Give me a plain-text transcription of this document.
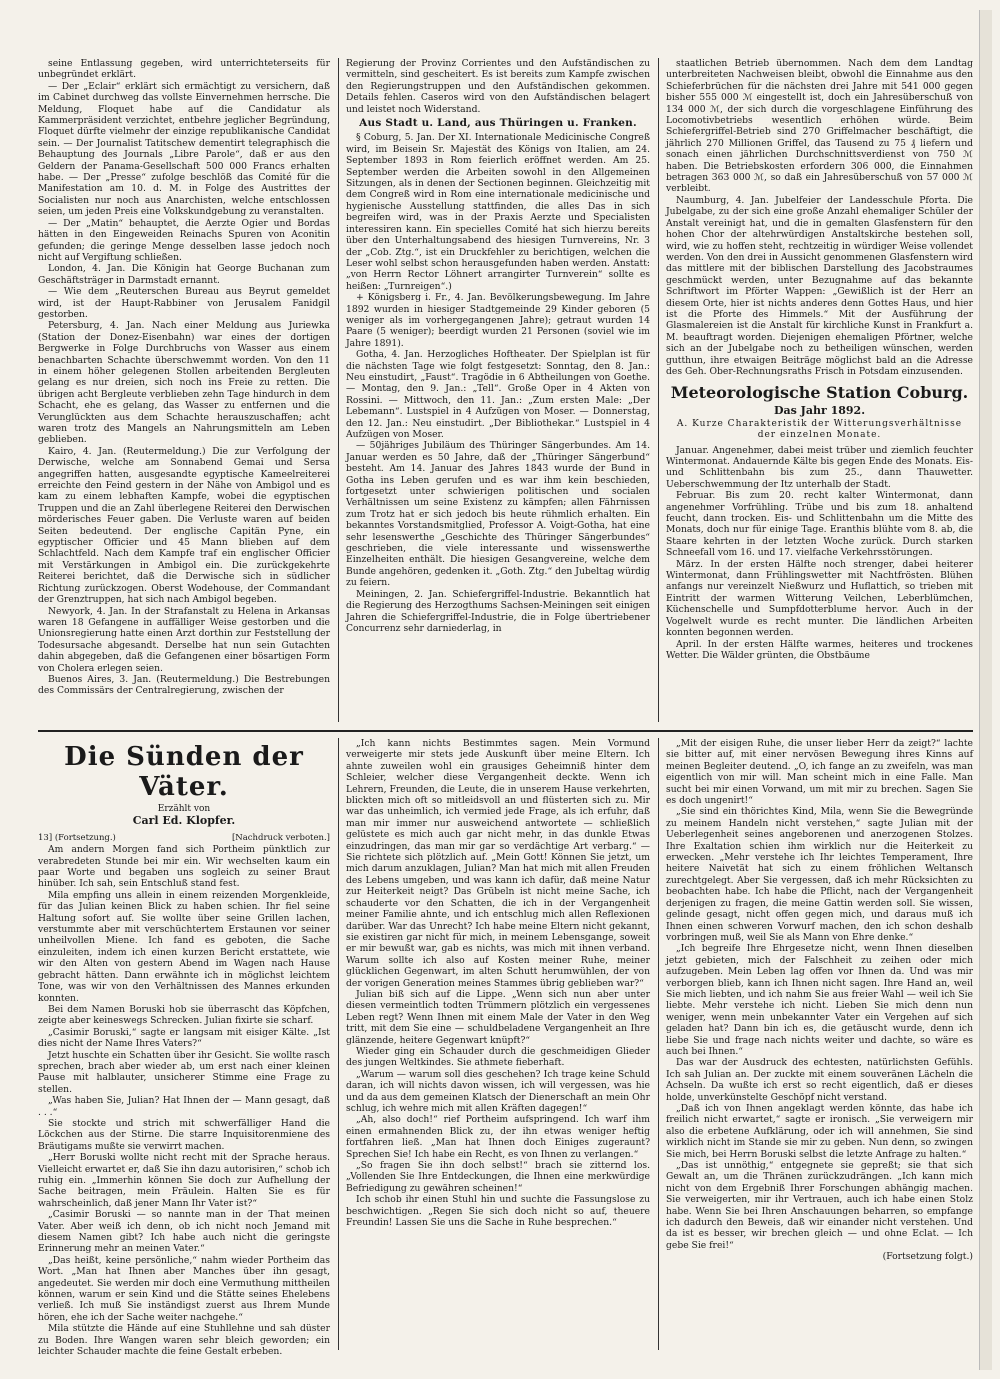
seine Entlassung gegeben, wird unterrichteterseits für unbegründet erklärt.

— Der „Eclair“ erklärt sich ermächtigt zu versichern, daß im Cabinet durchweg das vollste Einvernehmen herrsche. Die Meldung, Floquet habe auf die Candidatur als Kammerpräsident verzichtet, entbehre jeglicher Begründung, Floquet dürfte vielmehr der einzige republikanische Candidat sein. — Der Journalist Tatitschew dementirt telegraphisch die Behauptung des Journals „Libre Parole“, daß er aus den Geldern der Panama-Gesellschaft 500 000 Francs erhalten habe. — Der „Presse“ zufolge beschlöß das Comité für die Manifestation am 10. d. M. in Folge des Austrittes der Socialisten nur noch aus Anarchisten, welche entschlossen seien, um jeden Preis eine Volkskundgebung zu veranstalten.

— Der „Matin“ behauptet, die Aerzte Ogier und Bordas hätten in den Eingeweiden Reinachs Spuren von Aconitin gefunden; die geringe Menge desselben lasse jedoch noch nicht auf Vergiftung schließen.

London, 4. Jan. Die Königin hat George Buchanan zum Geschäftsträger in Darmstadt ernannt.

— Wie dem „Reuterschen Bureau aus Beyrut gemeldet wird, ist der Haupt-Rabbiner von Jerusalem Fanidgil gestorben.

Petersburg, 4. Jan. Nach einer Meldung aus Juriewka (Station der Donez-Eisenbahn) war eines der dortigen Bergwerke in Folge Durchbruchs von Wasser aus einem benachbarten Schachte überschwemmt worden. Von den 11 in einem höher gelegenen Stollen arbeitenden Bergleuten gelang es nur dreien, sich noch ins Freie zu retten. Die übrigen acht Bergleute verblieben zehn Tage hindurch in dem Schacht, ehe es gelang, das Wasser zu entfernen und die Verunglückten aus dem Schachte herauszuschaffen; acht waren trotz des Mangels an Nahrungsmitteln am Leben geblieben.

Kairo, 4. Jan. (Reutermeldung.) Die zur Verfolgung der Derwische, welche am Sonnabend Gemai und Sersa angegriffen hatten, ausgesandte egyptische Kameelreiterei erreichte den Feind gestern in der Nähe von Ambigol und es kam zu einem lebhaften Kampfe, wobei die egyptischen Truppen und die an Zahl überlegene Reiterei den Derwischen mörderisches Feuer gaben. Die Verluste waren auf beiden Seiten bedeutend. Der englische Capitän Pyne, ein egyptischer Officier und 45 Mann blieben auf dem Schlachtfeld. Nach dem Kampfe traf ein englischer Officier mit Verstärkungen in Ambigol ein. Die zurückgekehrte Reiterei berichtet, daß die Derwische sich in südlicher Richtung zurückzogen. Oberst Wodehouse, der Commandant der Grenztruppen, hat sich nach Ambigol begeben.

Newyork, 4. Jan. In der Strafanstalt zu Helena in Arkansas waren 18 Gefangene in auffälliger Weise gestorben und die Unionsregierung hatte einen Arzt dorthin zur Feststellung der Todesursache abgesandt. Derselbe hat nun sein Gutachten dahin abgegeben, daß die Gefangenen einer bösartigen Form von Cholera erlegen seien.

Buenos Aires, 3. Jan. (Reutermeldung.) Die Bestrebungen des Commissärs der Centralregierung, zwischen der

Regierung der Provinz Corrientes und den Aufständischen zu vermitteln, sind gescheitert. Es ist bereits zum Kampfe zwischen den Regierungstruppen und den Aufständischen gekommen. Details fehlen. Caseros wird von den Aufständischen belagert und leistet noch Widerstand.

Aus Stadt u. Land, aus Thüringen u. Franken.

§ Coburg, 5. Jan. Der XI. Internationale Medicinische Congreß wird, im Beisein Sr. Majestät des Königs von Italien, am 24. September 1893 in Rom feierlich eröffnet werden. Am 25. September werden die Arbeiten sowohl in den Allgemeinen Sitzungen, als in denen der Sectionen beginnen. Gleichzeitig mit dem Congreß wird in Rom eine internationale medicinische und hygienische Ausstellung stattfinden, die alles Das in sich begreifen wird, was in der Praxis Aerzte und Specialisten interessiren kann. Ein specielles Comité hat sich hierzu bereits über den Unterhaltungsabend des hiesigen Turnvereins, Nr. 3 der „Cob. Ztg.“, ist ein Druckfehler zu berichtigen, welchen die Leser wohl selbst schon herausgefunden haben werden. Anstatt: „von Herrn Rector Löhnert arrangirter Turnverein“ sollte es heißen: „Turnreigen“.)

+ Königsberg i. Fr., 4. Jan. Bevölkerungsbewegung. Im Jahre 1892 wurden in hiesiger Stadtgemeinde 29 Kinder geboren (5 weniger als im vorhergegangenen Jahre); getraut wurden 14 Paare (5 weniger); beerdigt wurden 21 Personen (soviel wie im Jahre 1891).

Gotha, 4. Jan. Herzogliches Hoftheater. Der Spielplan ist für die nächsten Tage wie folgt festgesetzt: Sonntag, den 8. Jan.: Neu einstudirt, „Faust“. Tragödie in 6 Abtheilungen von Goethe. — Montag, den 9. Jan.: „Tell“. Große Oper in 4 Akten von Rossini. — Mittwoch, den 11. Jan.: „Zum ersten Male: „Der Lebemann“. Lustspiel in 4 Aufzügen von Moser. — Donnerstag, den 12. Jan.: Neu einstudirt. „Der Bibliothekar.“ Lustspiel in 4 Aufzügen von Moser.

— 50jähriges Jubiläum des Thüringer Sängerbundes. Am 14. Januar werden es 50 Jahre, daß der „Thüringer Sängerbund“ besteht. Am 14. Januar des Jahres 1843 wurde der Bund in Gotha ins Leben gerufen und es war ihm kein beschieden, fortgesetzt unter schwierigen politischen und socialen Verhältnissen um seine Existenz zu kämpfen; allen Fährnissen zum Trotz hat er sich jedoch bis heute rühmlich erhalten. Ein bekanntes Vorstandsmitglied, Professor A. Voigt-Gotha, hat eine sehr lesenswerthe „Geschichte des Thüringer Sängerbundes“ geschrieben, die viele interessante und wissenswerthe Einzelheiten enthält. Die hiesigen Gesangvereine, welche dem Bunde angehören, gedenken it. „Goth. Ztg.“ den Jubeltag würdig zu feiern.

Meiningen, 2. Jan. Schiefergriffel-Industrie. Bekanntlich hat die Regierung des Herzogthums Sachsen-Meiningen seit einigen Jahren die Schiefergriffel-Industrie, die in Folge übertriebener Concurrenz sehr darniederlag, in

staatlichen Betrieb übernommen. Nach dem dem Landtag unterbreiteten Nachweisen bleibt, obwohl die Einnahme aus den Schieferbrüchen für die nächsten drei Jahre mit 541 000 gegen bisher 555 000 ℳ eingestellt ist, doch ein Jahresüberschuß von 134 000 ℳ, der sich durch die vorgeschlagene Einführung des Locomotivbetriebs wesentlich erhöhen würde. Beim Schiefergriffel-Betrieb sind 270 Griffelmacher beschäftigt, die jährlich 270 Millionen Griffel, das Tausend zu 75 ₰ liefern und sonach einen jährlichen Durchschnittsverdienst von 750 ℳ haben. Die Betriebskosten erfordern 306 000, die Einnahmen betragen 363 000 ℳ, so daß ein Jahresüberschuß von 57 000 ℳ verbleibt.

Naumburg, 4. Jan. Jubelfeier der Landesschule Pforta. Die Jubelgabe, zu der sich eine große Anzahl ehemaliger Schüler der Anstalt vereinigt hat, und die in gemalten Glasfenstern für den hohen Chor der altehrwürdigen Anstaltskirche bestehen soll, wird, wie zu hoffen steht, rechtzeitig in würdiger Weise vollendet werden. Von den drei in Aussicht genommenen Glasfenstern wird das mittlere mit der biblischen Darstellung des Jacobstraumes geschmückt werden, unter Bezugnahme auf das bekannte Schriftwort im Pförter Wappen: „Gewißlich ist der Herr an diesem Orte, hier ist nichts anderes denn Gottes Haus, und hier ist die Pforte des Himmels.“ Mit der Ausführung der Glasmalereien ist die Anstalt für kirchliche Kunst in Frankfurt a. M. beauftragt worden. Diejenigen ehemaligen Pförtner, welche sich an der Jubelgabe noch zu betheiligen wünschen, werden gutthun, ihre etwaigen Beiträge möglichst bald an die Adresse des Geh. Ober-Rechnungsraths Frisch in Potsdam einzusenden.

Meteorologische Station Coburg.
Das Jahr 1892.
A. Kurze Charakteristik der Witterungsverhältnisse der einzelnen Monate.

Januar. Angenehmer, dabei meist trüber und ziemlich feuchter Wintermonat. Andauernde Kälte bis gegen Ende des Monats. Eis- und Schlittenbahn bis zum 25., dann Thauwetter. Ueberschwemmung der Itz unterhalb der Stadt.

Februar. Bis zum 20. recht kalter Wintermonat, dann angenehmer Vorfrühling. Trübe und bis zum 18. anhaltend feucht, dann trocken. Eis- und Schlittenbahn um die Mitte des Monats, doch nur für einige Tage. Eranthis blühte vom 8. ab, die Staare kehrten in der letzten Woche zurück. Durch starken Schneefall vom 16. und 17. vielfache Verkehrsstörungen.

März. In der ersten Hälfte noch strenger, dabei heiterer Wintermonat, dann Frühlingswetter mit Nachtfrösten. Blühen anfangs nur vereinzelt Nießwurz und Huflattich, so trieben mit Eintritt der warmen Witterung Veilchen, Leberblümchen, Küchenschelle und Sumpfdotterblume hervor. Auch in der Vogelwelt wurde es recht munter. Die ländlichen Arbeiten konnten begonnen werden.

April. In der ersten Hälfte warmes, heiteres und trockenes Wetter. Die Wälder grünten, die Obstbäume

Die Sünden der Väter.
Erzählt von
Carl Ed. Klopfer.
13] (Fortsetzung.)	[Nachdruck verboten.]

Am andern Morgen fand sich Portheim pünktlich zur verabredeten Stunde bei mir ein. Wir wechselten kaum ein paar Worte und begaben uns sogleich zu seiner Braut hinüber. Ich sah, sein Entschluß stand fest.

Mila empfing uns allein in einem reizenden Morgenkleide, für das Julian keinen Blick zu haben schien. Ihr fiel seine Haltung sofort auf. Sie wollte über seine Grillen lachen, verstummte aber mit verschüchtertem Erstaunen vor seiner unheilvollen Miene. Ich fand es geboten, die Sache einzuleiten, indem ich einen kurzen Bericht erstattete, wie wir den Alten von gestern Abend im Wagen nach Hause gebracht hätten. Dann erwähnte ich in möglichst leichtem Tone, was wir von den Verhältnissen des Mannes erkunden konnten.

Bei dem Namen Boruski hob sie überrascht das Köpfchen, zeigte aber keineswegs Schrecken. Julian fixirte sie scharf.

„Casimir Boruski,“ sagte er langsam mit eisiger Kälte. „Ist dies nicht der Name Ihres Vaters?“

Jetzt huschte ein Schatten über ihr Gesicht. Sie wollte rasch sprechen, brach aber wieder ab, um erst nach einer kleinen Pause mit halblauter, unsicherer Stimme eine Frage zu stellen.

„Was haben Sie, Julian? Hat Ihnen der — Mann gesagt, daß . . .“

Sie stockte und strich mit schwerfälliger Hand die Löckchen aus der Stirne. Die starre Inquisitorenmiene des Bräutigams mußte sie verwirrt machen.

„Herr Boruski wollte nicht recht mit der Sprache heraus. Vielleicht erwartet er, daß Sie ihn dazu autorisiren,“ schob ich ruhig ein. „Immerhin können Sie doch zur Aufhellung der Sache beitragen, mein Fräulein. Halten Sie es für wahrscheinlich, daß jener Mann Ihr Vater ist?“

„Casimir Boruski — so nannte man in der That meinen Vater. Aber weiß ich denn, ob ich nicht noch Jemand mit diesem Namen gibt? Ich habe auch nicht die geringste Erinnerung mehr an meinen Vater.“

„Das heißt, keine persönliche,“ nahm wieder Portheim das Wort. „Man hat Ihnen aber Manches über ihn gesagt, angedeutet. Sie werden mir doch eine Vermuthung mittheilen können, warum er sein Kind und die Stätte seines Ehelebens verließ. Ich muß Sie inständigst zuerst aus Ihrem Munde hören, ehe ich der Sache weiter nachgehe.“

Mila stützte die Hände auf eine Stuhllehne und sah düster zu Boden. Ihre Wangen waren sehr bleich geworden; ein leichter Schauder machte die feine Gestalt erbeben.

„Ich kann nichts Bestimmtes sagen. Mein Vormund verweigerte mir stets jede Auskunft über meine Eltern. Ich ahnte zuweilen wohl ein grausiges Geheimniß hinter dem Schleier, welcher diese Vergangenheit deckte. Wenn ich Lehrern, Freunden, die Leute, die in unserem Hause verkehrten, blickten mich oft so mitleidsvoll an und flüsterten sich zu. Mir war das unheimlich, ich vermied jede Frage, als ich erfuhr, daß man mir immer nur ausweichend antwortete — schließlich gelüstete es mich auch gar nicht mehr, in das dunkle Etwas einzudringen, das man mir gar so verdächtige Art verbarg.“ — Sie richtete sich plötzlich auf. „Mein Gott! Können Sie jetzt, um mich darum anzuklagen, Julian? Man hat mich mit allen Freuden des Lebens umgeben, und was kann ich dafür, daß meine Natur zur Heiterkeit neigt? Das Grübeln ist nicht meine Sache, ich schauderte vor den Schatten, die ich in der Vergangenheit meiner Familie ahnte, und ich entschlug mich allen Reflexionen darüber. War das Unrecht? Ich habe meine Eltern nicht gekannt, sie existiren gar nicht für mich, in meinem Lebensgange, soweit er mir bewußt war, gab es nichts, was mich mit ihnen verband. Warum sollte ich also auf Kosten meiner Ruhe, meiner glücklichen Gegenwart, im alten Schutt herumwühlen, der von der vorigen Generation meines Stammes übrig geblieben war?“

Julian biß sich auf die Lippe. „Wenn sich nun aber unter diesen vermeintlich todten Trümmern plötzlich ein vergessenes Leben regt? Wenn Ihnen mit einem Male der Vater in den Weg tritt, mit dem Sie eine — schuldbeladene Vergangenheit an Ihre glänzende, heitere Gegenwart knüpft?“

Wieder ging ein Schauder durch die geschmeidigen Glieder des jungen Weltkindes. Sie athmete fieberhaft.

„Warum — warum soll dies geschehen? Ich trage keine Schuld daran, ich will nichts davon wissen, ich will vergessen, was hie und da aus dem gemeinen Klatsch der Dienerschaft an mein Ohr schlug, ich wehre mich mit allen Kräften dagegen!“

„Ah, also doch!“ rief Portheim aufspringend. Ich warf ihm einen ermahnenden Blick zu, der ihn etwas weniger heftig fortfahren ließ. „Man hat Ihnen doch Einiges zugeraunt? Sprechen Sie! Ich habe ein Recht, es von Ihnen zu verlangen.“

„So fragen Sie ihn doch selbst!“ brach sie zitternd los. „Vollenden Sie Ihre Entdeckungen, die Ihnen eine merkwürdige Befriedigung zu gewähren scheinen!“

Ich schob ihr einen Stuhl hin und suchte die Fassungslose zu beschwichtigen. „Regen Sie sich doch nicht so auf, theuere Freundin! Lassen Sie uns die Sache in Ruhe besprechen.“

„Mit der eisigen Ruhe, die unser lieber Herr da zeigt?“ lachte sie bitter auf, mit einer nervösen Bewegung ihres Kinns auf meinen Begleiter deutend. „O, ich fange an zu zweifeln, was man eigentlich von mir will. Man scheint mich in eine Falle. Man sucht bei mir einen Vorwand, um mit mir zu brechen. Sagen Sie es doch ungenirt!“

„Sie sind ein thörichtes Kind, Mila, wenn Sie die Bewegründe zu meinem Handeln nicht verstehen,“ sagte Julian mit der Ueberlegenheit seines angeborenen und anerzogenen Stolzes. Ihre Exaltation schien ihm wirklich nur die Heiterkeit zu erwecken. „Mehr verstehe ich Ihr leichtes Temperament, Ihre heitere Naivetät hat sich zu einem fröhlichen Weltansch zurechtgelegt. Aber Sie vergessen, daß ich mehr Rücksichten zu beobachten habe. Ich habe die Pflicht, nach der Vergangenheit derjenigen zu fragen, die meine Gattin werden soll. Sie wissen, gelinde gesagt, nicht offen gegen mich, und daraus muß ich Ihnen einen schweren Vorwurf machen, den ich schon deshalb vorbringen muß, weil Sie als Mann von Ehre denke.“

„Ich begreife Ihre Ehrgesetze nicht, wenn Ihnen dieselben jetzt gebieten, mich der Falschheit zu zeihen oder mich aufzugeben. Mein Leben lag offen vor Ihnen da. Und was mir verborgen blieb, kann ich Ihnen nicht sagen. Ihre Hand an, weil Sie mich liebten, und ich nahm Sie aus freier Wahl — weil ich Sie liebte. Mehr verstehe ich nicht. Lieben Sie mich denn nun weniger, wenn mein unbekannter Vater ein Vergehen auf sich geladen hat? Dann bin ich es, die getäuscht wurde, denn ich liebe Sie und frage nach nichts weiter und dachte, so wäre es auch bei Ihnen.“

Das war der Ausdruck des echtesten, natürlichsten Gefühls. Ich sah Julian an. Der zuckte mit einem souveränen Lächeln die Achseln. Da wußte ich erst so recht eigentlich, daß er dieses holde, unverkünstelte Geschöpf nicht verstand.

„Daß ich von Ihnen angeklagt werden könnte, das habe ich freilich nicht erwartet,“ sagte er ironisch. „Sie verweigern mir also die erbetene Aufklärung, oder ich will annehmen, Sie sind wirklich nicht im Stande sie mir zu geben. Nun denn, so zwingen Sie mich, bei Herrn Boruski selbst die letzte Anfrage zu halten.“

„Das ist unnöthig,“ entgegnete sie gepreßt; sie that sich Gewalt an, um die Thränen zurückzudrängen. „Ich kann mich nicht von dem Ergebniß Ihrer Forschungen abhängig machen. Sie verweigerten, mir ihr Vertrauen, auch ich habe einen Stolz habe. Wenn Sie bei Ihren Anschauungen beharren, so empfange ich dadurch den Beweis, daß wir einander nicht verstehen. Und da ist es besser, wir brechen gleich — und ohne Eclat. — Ich gebe Sie frei!“

(Fortsetzung folgt.)
